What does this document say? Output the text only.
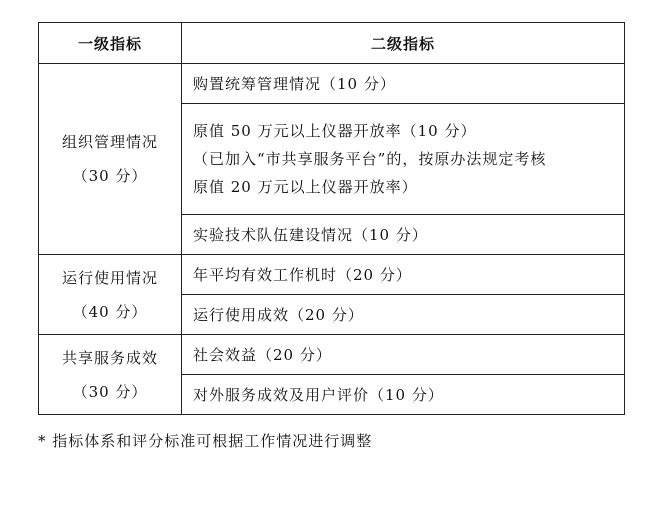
一级指标	二级指标

组织管理情况
（30 分）	购置统筹管理情况（10 分）

	原值 50 万元以上仪器开放率（10 分）
（已加入“市共享服务平台”的，按原办法规定考核
原值 20 万元以上仪器开放率）

	实验技术队伍建设情况（10 分）

运行使用情况
（40 分）	年平均有效工作机时（20 分）

	运行使用成效（20 分）

共享服务成效
（30 分）	社会效益（20 分）

	对外服务成效及用户评价（10 分）
* 指标体系和评分标准可根据工作情况进行调整
